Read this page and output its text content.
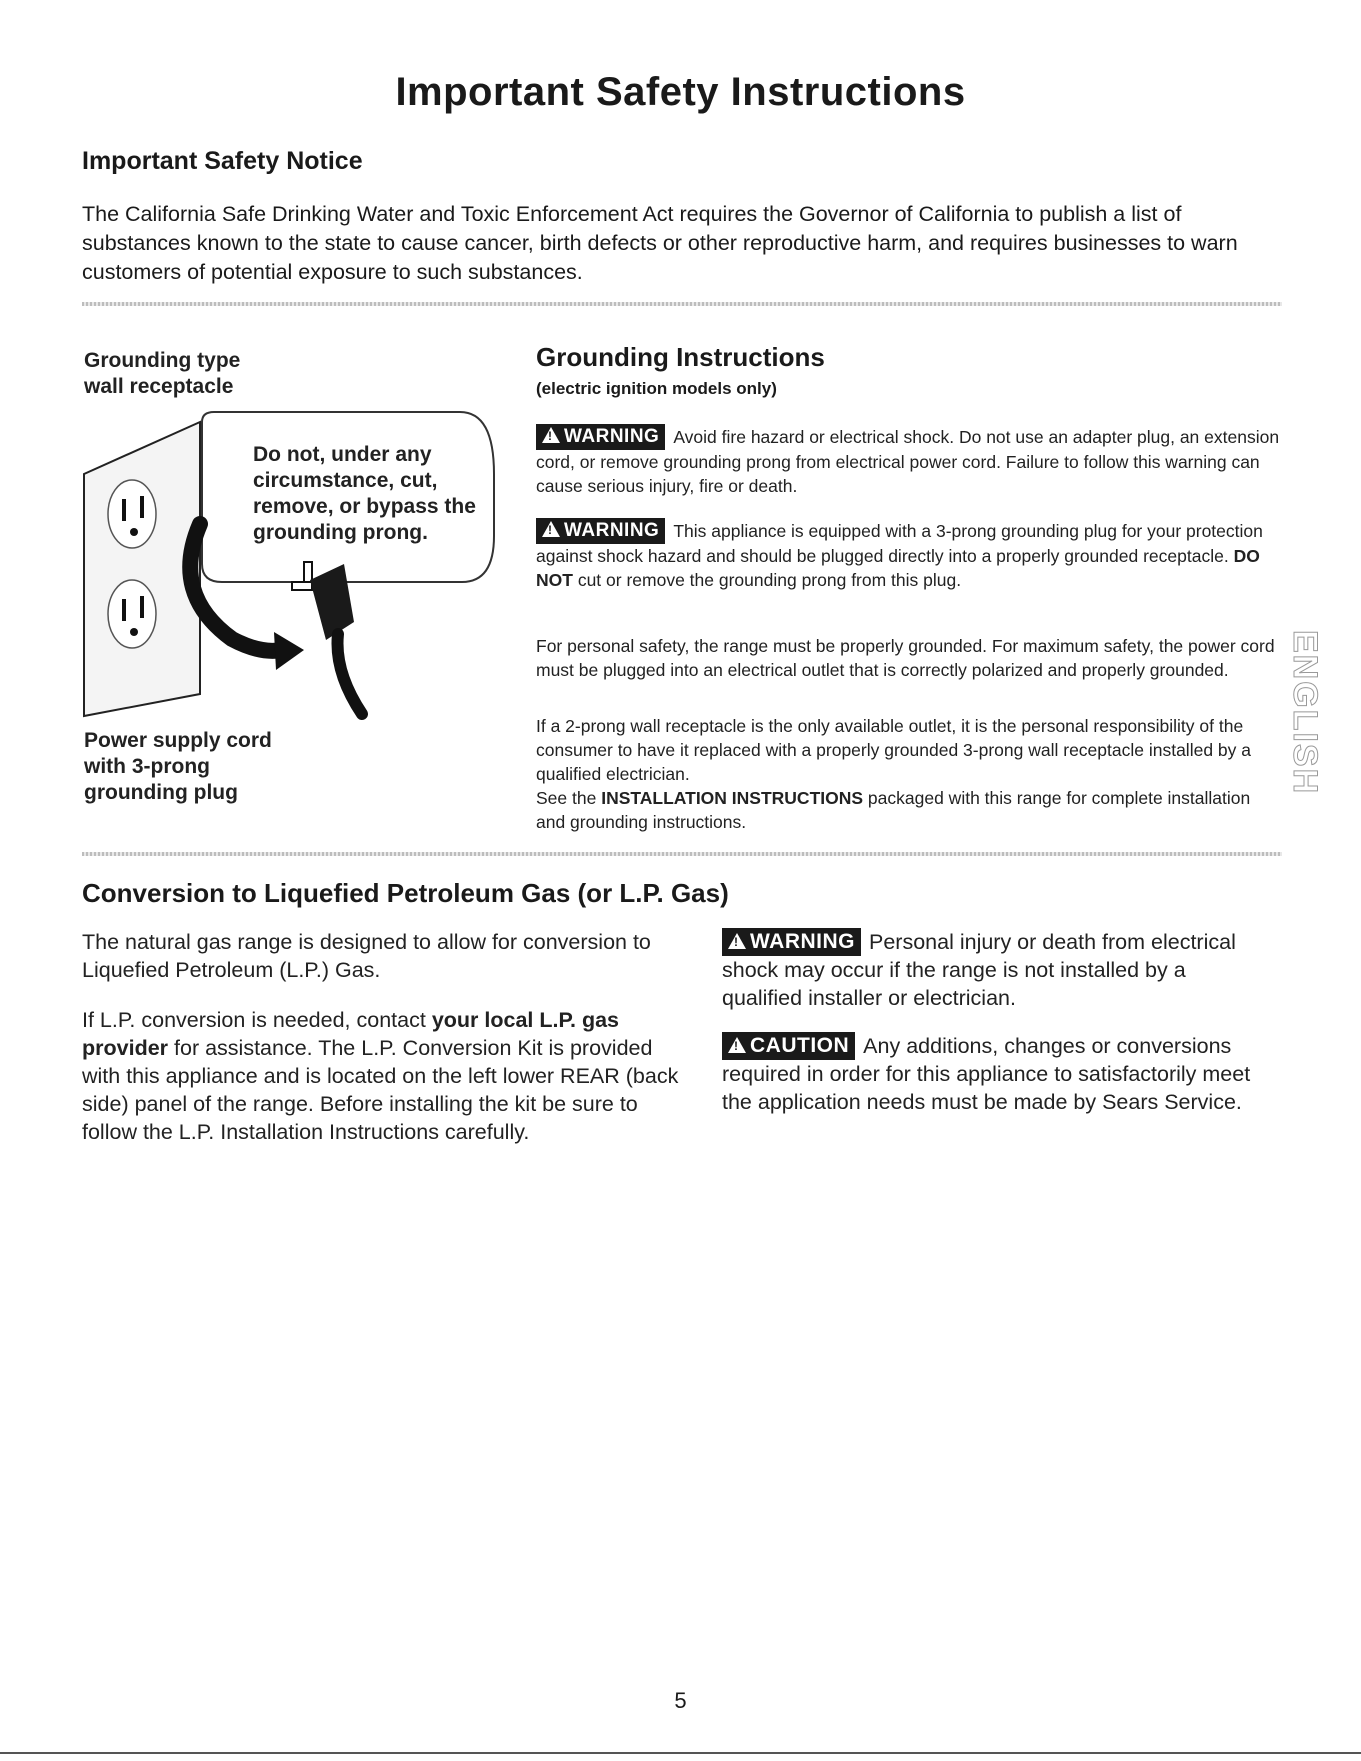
Important Safety Instructions
Important Safety Notice

The California Safe Drinking Water and Toxic Enforcement Act requires the Governor of California to publish a list of substances known to the state to cause cancer, birth defects or other reproductive harm, and requires businesses to warn customers of potential exposure to such substances.

Grounding type wall receptacle

Do not, under any circumstance, cut, remove, or bypass the grounding prong.

Power supply cord with 3-prong grounding plug

Grounding Instructions

(electric ignition models only)

!WARNING Avoid fire hazard or electrical shock. Do not use an adapter plug, an extension cord, or remove grounding prong from electrical power cord. Failure to follow this warning can cause serious injury, fire or death.

!WARNING This appliance is equipped with a 3-prong grounding plug for your protection against shock hazard and should be plugged directly into a properly grounded receptacle. DO NOT cut or remove the grounding prong from this plug.

For personal safety, the range must be properly grounded. For maximum safety, the power cord must be plugged into an electrical outlet that is correctly polarized and properly grounded.

If a 2-prong wall receptacle is the only available outlet, it is the personal responsibility of the consumer to have it replaced with a properly grounded 3-prong wall receptacle installed by a qualified electrician.

See the INSTALLATION INSTRUCTIONS packaged with this range for complete installation and grounding instructions.

ENGLISH
Conversion to Liquefied Petroleum Gas (or L.P. Gas)

The natural gas range is designed to allow for conversion to Liquefied Petroleum (L.P.) Gas.

If L.P. conversion is needed, contact your local L.P. gas provider for assistance. The L.P. Conversion Kit is provided with this appliance and is located on the left lower REAR (back side) panel of the range. Before installing the kit be sure to follow the L.P. Installation Instructions carefully.

!WARNING Personal injury or death from electrical shock may occur if the range is not installed by a qualified installer or electrician.

!CAUTION Any additions, changes or conversions required in order for this appliance to satisfactorily meet the application needs must be made by Sears Service.

5
